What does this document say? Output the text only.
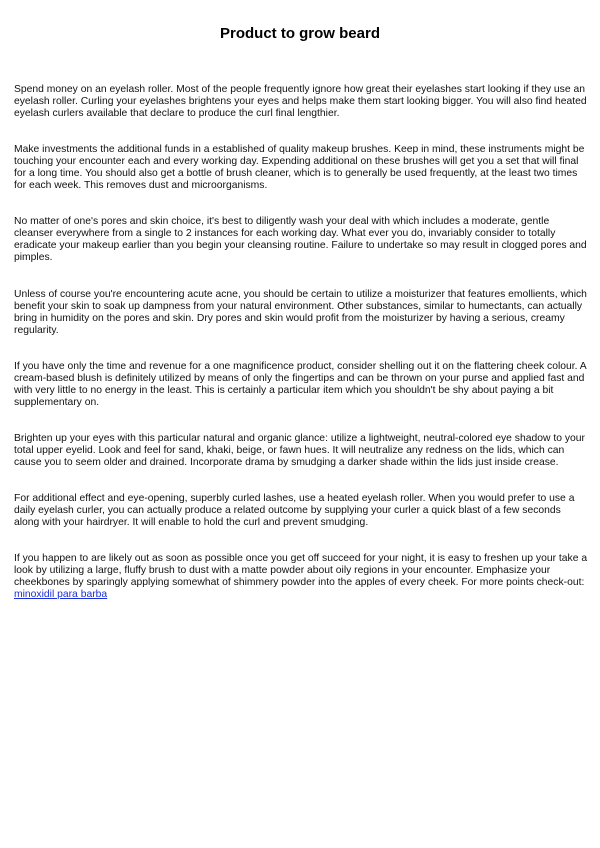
Product to grow beard

Spend money on an eyelash roller. Most of the people frequently ignore how great their eyelashes start looking if they use an eyelash roller. Curling your eyelashes brightens your eyes and helps make them start looking bigger. You will also find heated eyelash curlers available that declare to produce the curl final lengthier.

Make investments the additional funds in a established of quality makeup brushes. Keep in mind, these instruments might be touching your encounter each and every working day. Expending additional on these brushes will get you a set that will final for a long time. You should also get a bottle of brush cleaner, which is to generally be used frequently, at the least two times for each week. This removes dust and microorganisms.

No matter of one's pores and skin choice, it's best to diligently wash your deal with which includes a moderate, gentle cleanser everywhere from a single to 2 instances for each working day. What ever you do, invariably consider to totally eradicate your makeup earlier than you begin your cleansing routine. Failure to undertake so may result in clogged pores and pimples.

Unless of course you're encountering acute acne, you should be certain to utilize a moisturizer that features emollients, which benefit your skin to soak up dampness from your natural environment. Other substances, similar to humectants, can actually bring in humidity on the pores and skin. Dry pores and skin would profit from the moisturizer by having a serious, creamy regularity.

If you have only the time and revenue for a one magnificence product, consider shelling out it on the flattering cheek colour. A cream-based blush is definitely utilized by means of only the fingertips and can be thrown on your purse and applied fast and with very little to no energy in the least. This is certainly a particular item which you shouldn't be shy about paying a bit supplementary on.

Brighten up your eyes with this particular natural and organic glance: utilize a lightweight, neutral-colored eye shadow to your total upper eyelid. Look and feel for sand, khaki, beige, or fawn hues. It will neutralize any redness on the lids, which can cause you to seem older and drained. Incorporate drama by smudging a darker shade within the lids just inside crease.

For additional effect and eye-opening, superbly curled lashes, use a heated eyelash roller. When you would prefer to use a daily eyelash curler, you can actually produce a related outcome by supplying your curler a quick blast of a few seconds along with your hairdryer. It will enable to hold the curl and prevent smudging.

If you happen to are likely out as soon as possible once you get off succeed for your night, it is easy to freshen up your take a look by utilizing a large, fluffy brush to dust with a matte powder about oily regions in your encounter. Emphasize your cheekbones by sparingly applying somewhat of shimmery powder into the apples of every cheek. For more points check-out:
minoxidil para barba
